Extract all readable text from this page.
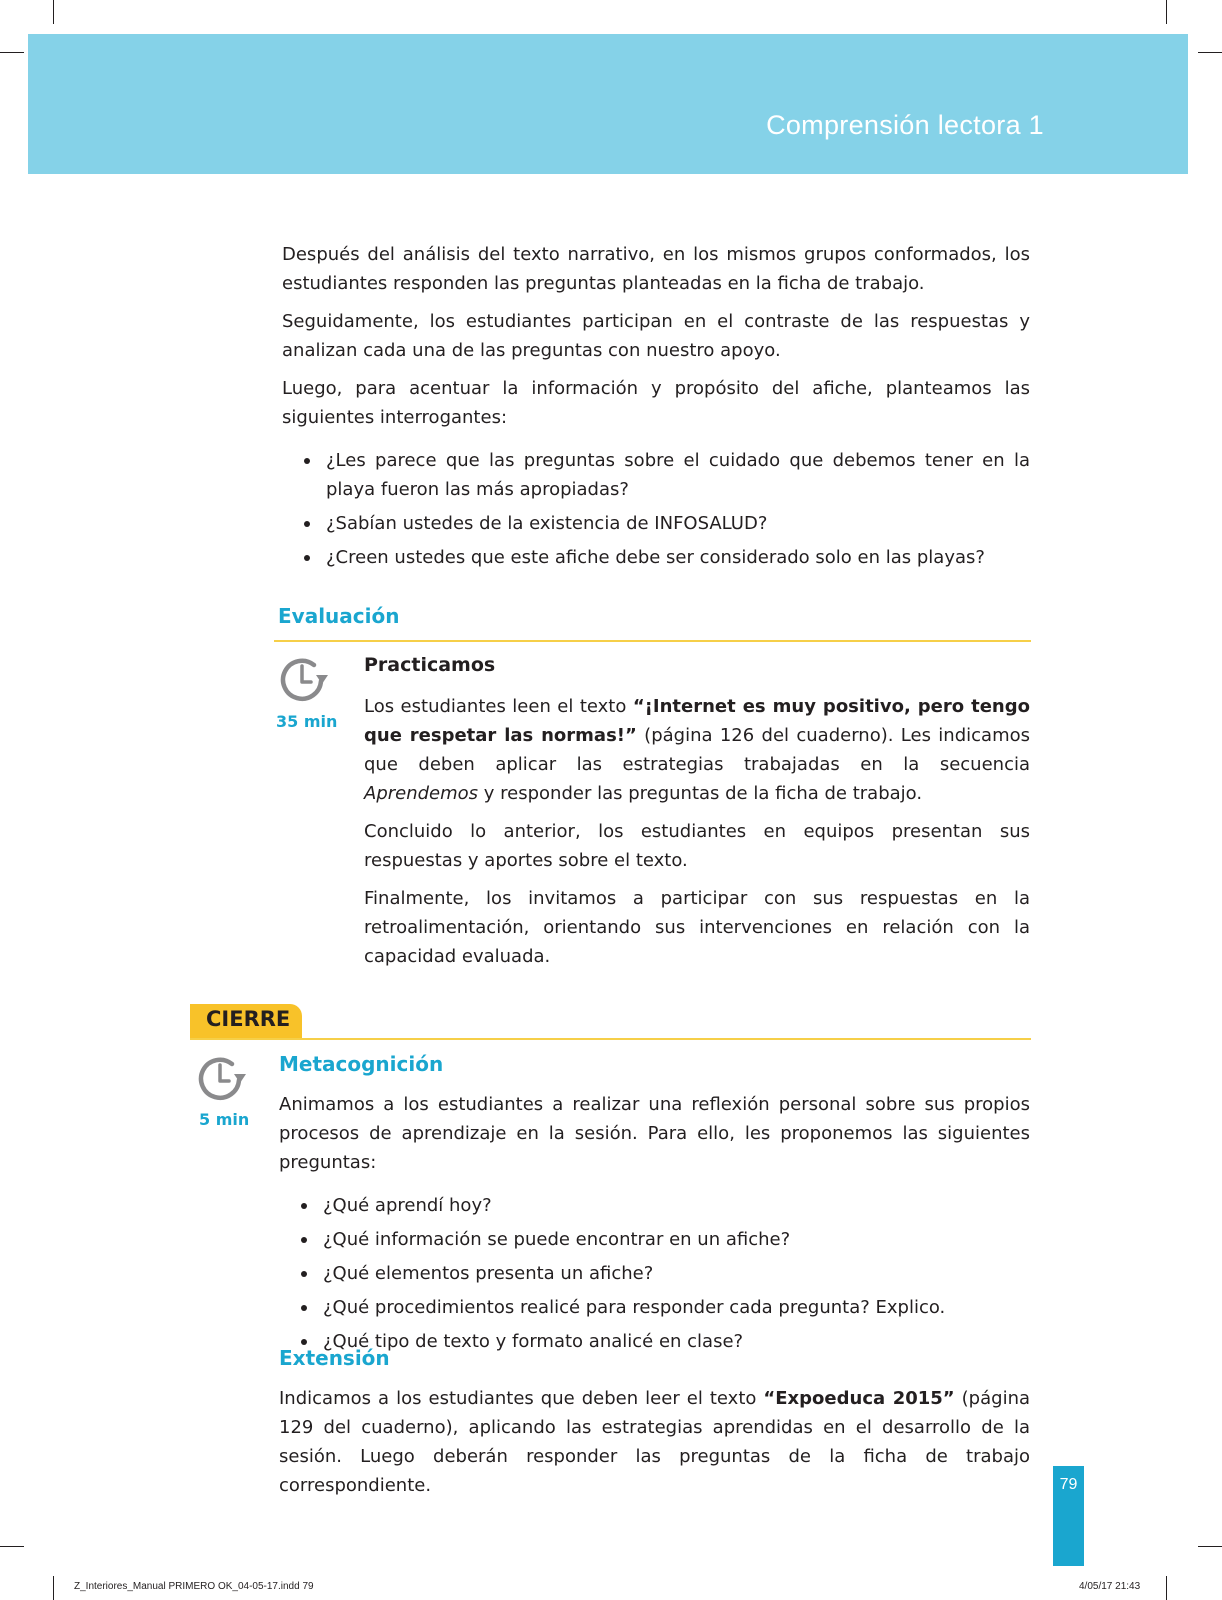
Comprensión lectora 1

Después del análisis del texto narrativo, en los mismos grupos conformados, los estudiantes responden las preguntas planteadas en la ficha de trabajo.

Seguidamente, los estudiantes participan en el contraste de las respuestas y analizan cada una de las preguntas con nuestro apoyo.

Luego, para acentuar la información y propósito del afiche, planteamos las siguientes interrogantes:

¿Les parece que las preguntas sobre el cuidado que debemos tener en la playa fueron las más apropiadas?
¿Sabían ustedes de la existencia de INFOSALUD?
¿Creen ustedes que este afiche debe ser considerado solo en las playas?
Evaluación
35 min
Practicamos

Los estudiantes leen el texto “¡Internet es muy positivo, pero tengo que respetar las normas!” (página 126 del cuaderno). Les indicamos que deben aplicar las estrategias trabajadas en la secuencia Aprendemos y responder las preguntas de la ficha de trabajo.

Concluido lo anterior, los estudiantes en equipos presentan sus respuestas y aportes sobre el texto.

Finalmente, los invitamos a participar con sus respuestas en la retroalimentación, orientando sus intervenciones en relación con la capacidad evaluada.

CIERRE
5 min
Metacognición

Animamos a los estudiantes a realizar una reflexión personal sobre sus propios procesos de aprendizaje en la sesión. Para ello, les proponemos las siguientes preguntas:

¿Qué aprendí hoy?
¿Qué información se puede encontrar en un afiche?
¿Qué elementos presenta un afiche?
¿Qué procedimientos realicé para responder cada pregunta? Explico.
¿Qué tipo de texto y formato analicé en clase?
Extensión

Indicamos a los estudiantes que deben leer el texto “Expoeduca 2015” (página 129 del cuaderno), aplicando las estrategias aprendidas en el desarrollo de la sesión. Luego deberán responder las preguntas de la ficha de trabajo correspondiente.	79
Z_Interiores_Manual PRIMERO OK_04-05-17.indd 79	4/05/17 21:43
